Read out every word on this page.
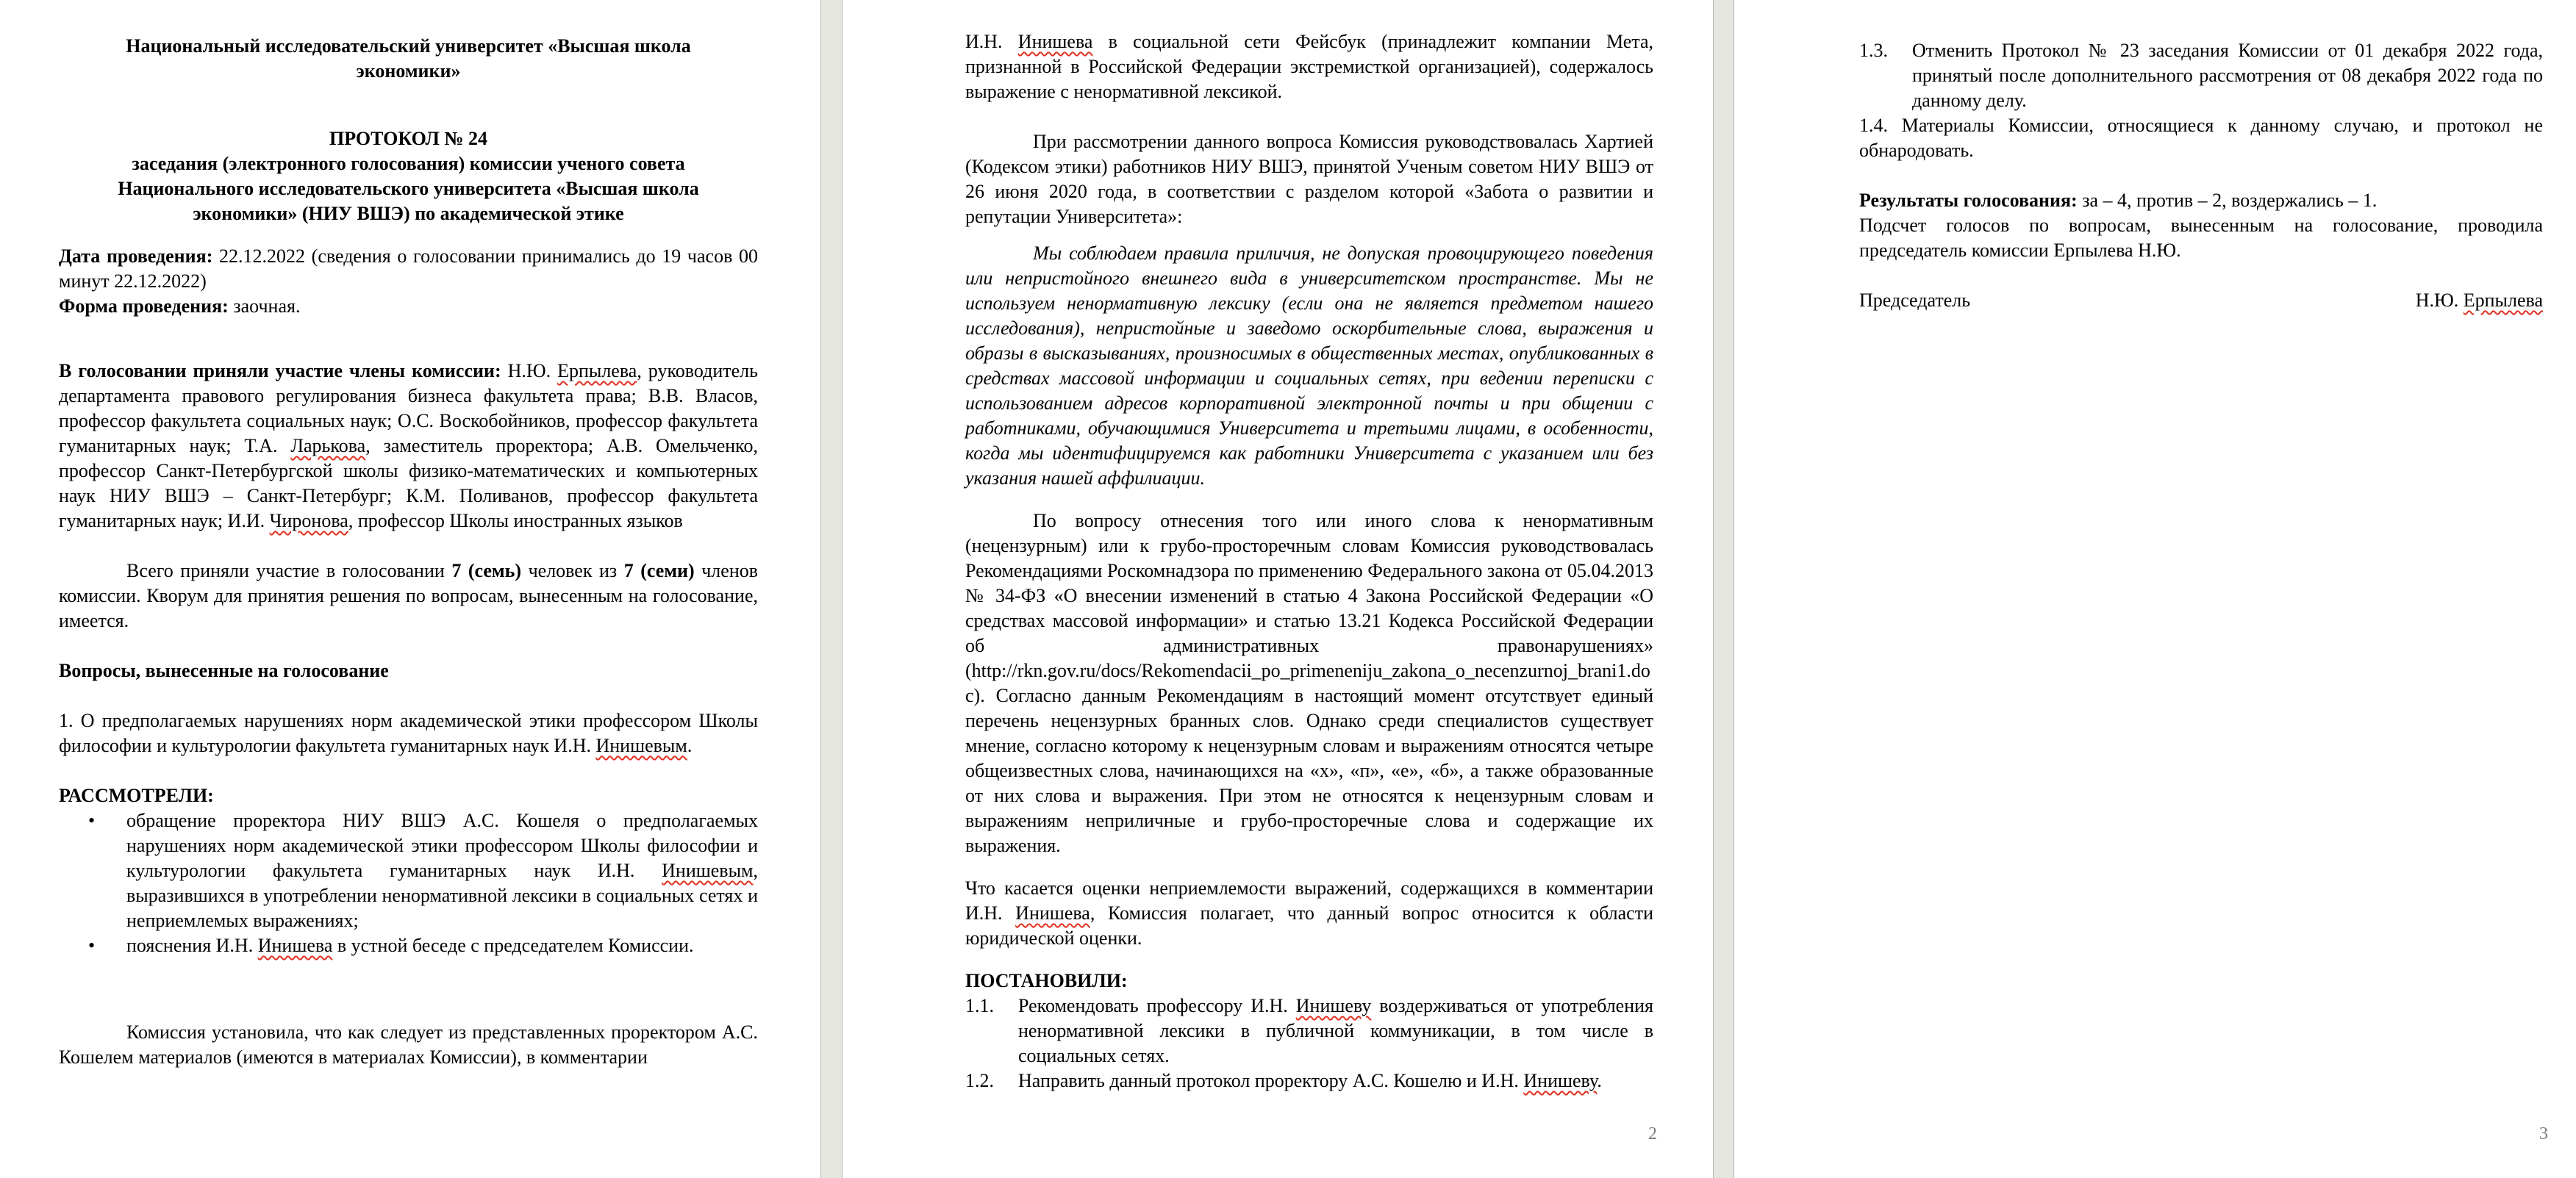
Национальный исследовательский университет «Высшая школа

экономики»

ПРОТОКОЛ № 24

заседания (электронного голосования) комиссии ученого совета

Национального исследовательского университета «Высшая школа

экономики» (НИУ ВШЭ) по академической этике

Дата проведения: 22.12.2022 (сведения о голосовании принимались до 19 часов 00 минут 22.12.2022)

Форма проведения: заочная.

В голосовании приняли участие члены комиссии: Н.Ю. Ерпылева, руководитель департамента правового регулирования бизнеса факультета права; В.В. Власов, профессор факультета социальных наук; О.С. Воскобойников, профессор факультета гуманитарных наук; Т.А. Ларькова, заместитель проректора; А.В. Омельченко, профессор Санкт-Петербургской школы физико-математических и компьютерных наук НИУ ВШЭ – Санкт-Петербург; К.М. Поливанов, профессор факультета гуманитарных наук; И.И. Чиронова, профессор Школы иностранных языков

Всего приняли участие в голосовании 7 (семь) человек из 7 (семи) членов комиссии. Кворум для принятия решения по вопросам, вынесенным на голосование, имеется.

Вопросы, вынесенные на голосование

1. О предполагаемых нарушениях норм академической этики профессором Школы философии и культурологии факультета гуманитарных наук И.Н. Инишевым.

РАССМОТРЕЛИ:

• обращение проректора НИУ ВШЭ А.С. Кошеля о предполагаемых нарушениях норм академической этики профессором Школы философии и культурологии факультета гуманитарных наук И.Н. Инишевым, выразившихся в употреблении ненормативной лексики в социальных сетях и неприемлемых выражениях;

• пояснения И.Н. Инишева в устной беседе с председателем Комиссии.

Комиссия установила, что как следует из представленных проректором А.С. Кошелем материалов (имеются в материалах Комиссии), в комментарии

И.Н. Инишева в социальной сети Фейсбук (принадлежит компании Мета, признанной в Российской Федерации экстремисткой организацией), содержалось выражение с ненормативной лексикой.

При рассмотрении данного вопроса Комиссия руководствовалась Хартией (Кодексом этики) работников НИУ ВШЭ, принятой Ученым советом НИУ ВШЭ от 26 июня 2020 года, в соответствии с разделом которой «Забота о развитии и репутации Университета»:

Мы соблюдаем правила приличия, не допуская провоцирующего поведения или непристойного внешнего вида в университетском пространстве. Мы не используем ненормативную лексику (если она не является предметом нашего исследования), непристойные и заведомо оскорбительные слова, выражения и образы в высказываниях, произносимых в общественных местах, опубликованных в средствах массовой информации и социальных сетях, при ведении переписки с использованием адресов корпоративной электронной почты и при общении с работниками, обучающимися Университета и третьими лицами, в особенности, когда мы идентифицируемся как работники Университета с указанием или без указания нашей аффилиации.

По вопросу отнесения того или иного слова к ненормативным (нецензурным) или к грубо-просторечным словам Комиссия руководствовалась Рекомендациями Роскомнадзора по применению Федерального закона от 05.04.2013 № 34-ФЗ «О внесении изменений в статью 4 Закона Российской Федерации «О средствах массовой информации» и статью 13.21 Кодекса Российской Федерации об административных правонарушениях» (http://rkn.gov.ru/docs/Rekomendacii_po_primeneniju_zakona_o_necenzurnoj_brani1.doc). Согласно данным Рекомендациям в настоящий момент отсутствует единый перечень нецензурных бранных слов. Однако среди специалистов существует мнение, согласно которому к нецензурным словам и выражениям относятся четыре общеизвестных слова, начинающихся на «х», «п», «е», «б», а также образованные от них слова и выражения. При этом не относятся к нецензурным словам и выражениям неприличные и грубо-просторечные слова и содержащие их выражения.

Что касается оценки неприемлемости выражений, содержащихся в комментарии И.Н. Инишева, Комиссия полагает, что данный вопрос относится к области юридической оценки.

ПОСТАНОВИЛИ:

1.1. Рекомендовать профессору И.Н. Инишеву воздерживаться от употребления ненормативной лексики в публичной коммуникации, в том числе в социальных сетях.

1.2. Направить данный протокол проректору А.С. Кошелю и И.Н. Инишеву.

2

1.3. Отменить Протокол № 23 заседания Комиссии от 01 декабря 2022 года, принятый после дополнительного рассмотрения от 08 декабря 2022 года по данному делу.

1.4. Материалы Комиссии, относящиеся к данному случаю, и протокол не обнародовать.

Результаты голосования: за – 4, против – 2, воздержались – 1.

Подсчет голосов по вопросам, вынесенным на голосование, проводила председатель комиссии Ерпылева Н.Ю.

Председатель	Н.Ю. Ерпылева

3
